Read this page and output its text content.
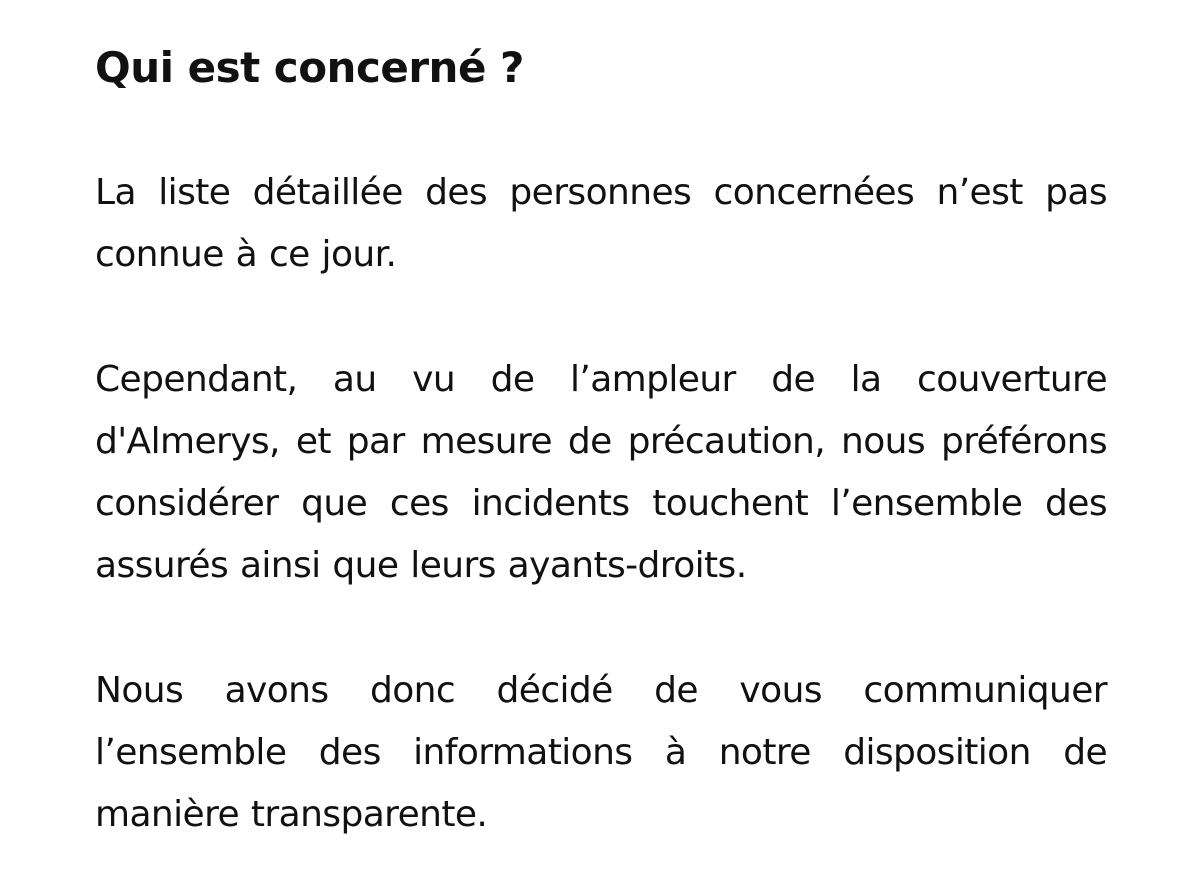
Qui est concerné ?

La liste détaillée des personnes concernées n’est pas connue à ce jour.

Cependant, au vu de l’ampleur de la couverture d'Almerys, et par mesure de précaution, nous préférons considérer que ces incidents touchent l’ensemble des assurés ainsi que leurs ayants-droits.

Nous avons donc décidé de vous communiquer l’ensemble des informations à notre disposition de manière transparente.
